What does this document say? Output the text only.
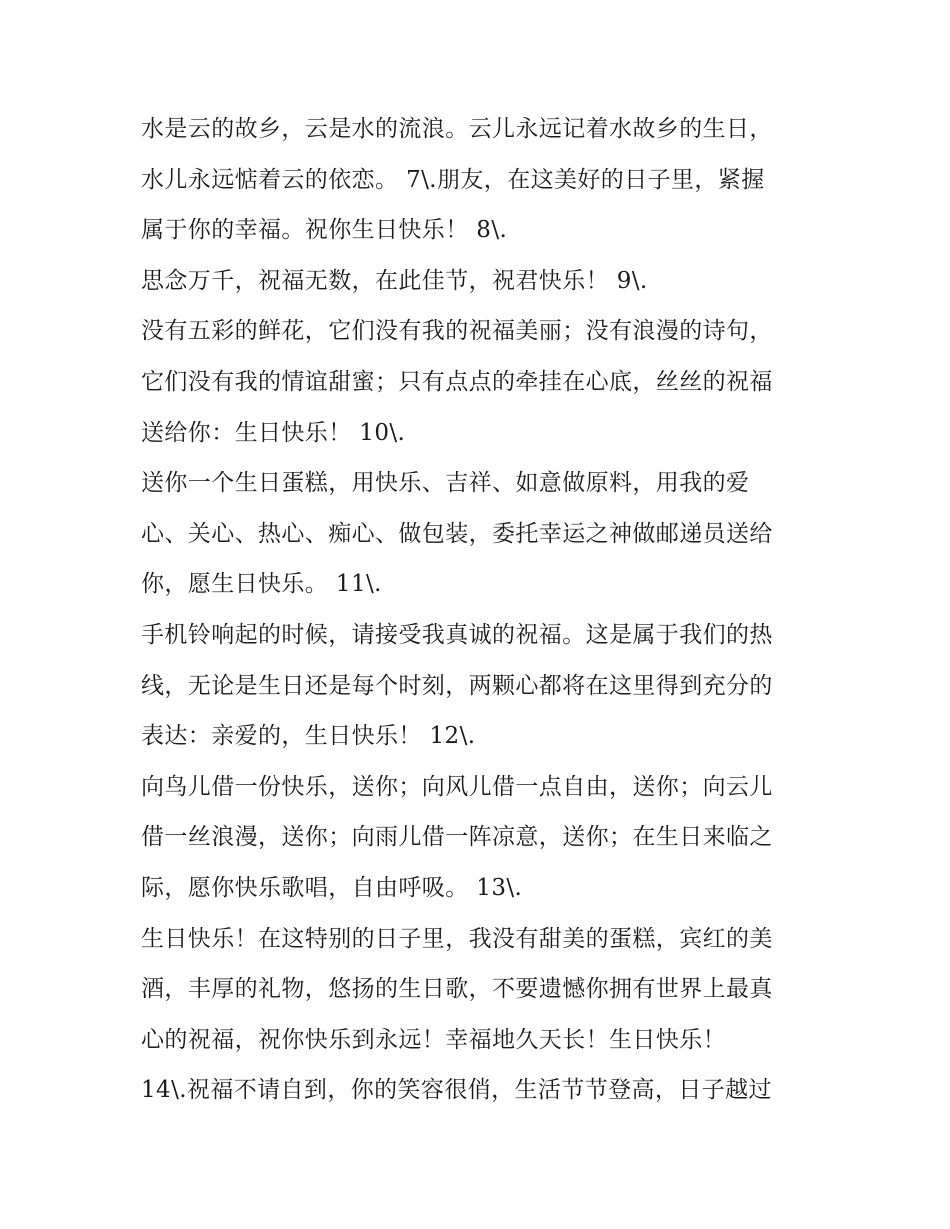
水是云的故乡，云是水的流浪。云儿永远记着水故乡的生日，
水儿永远惦着云的依恋。 7\.朋友，在这美好的日子里，紧握
属于你的幸福。祝你生日快乐！ 8\.
思念万千，祝福无数，在此佳节，祝君快乐！ 9\.
没有五彩的鲜花，它们没有我的祝福美丽；没有浪漫的诗句，
它们没有我的情谊甜蜜；只有点点的牵挂在心底，丝丝的祝福
送给你：生日快乐！ 10\.
送你一个生日蛋糕，用快乐、吉祥、如意做原料，用我的爱
心、关心、热心、痴心、做包装，委托幸运之神做邮递员送给
你，愿生日快乐。 11\.
手机铃响起的时候，请接受我真诚的祝福。这是属于我们的热
线，无论是生日还是每个时刻，两颗心都将在这里得到充分的
表达：亲爱的，生日快乐！ 12\.
向鸟儿借一份快乐，送你；向风儿借一点自由，送你；向云儿
借一丝浪漫，送你；向雨儿借一阵凉意，送你；在生日来临之
际，愿你快乐歌唱，自由呼吸。 13\.
生日快乐！在这特别的日子里，我没有甜美的蛋糕，宾红的美
酒，丰厚的礼物，悠扬的生日歌，不要遗憾你拥有世界上最真
心的祝福，祝你快乐到永远！幸福地久天长！生日快乐！
14\.祝福不请自到，你的笑容很俏，生活节节登高，日子越过
